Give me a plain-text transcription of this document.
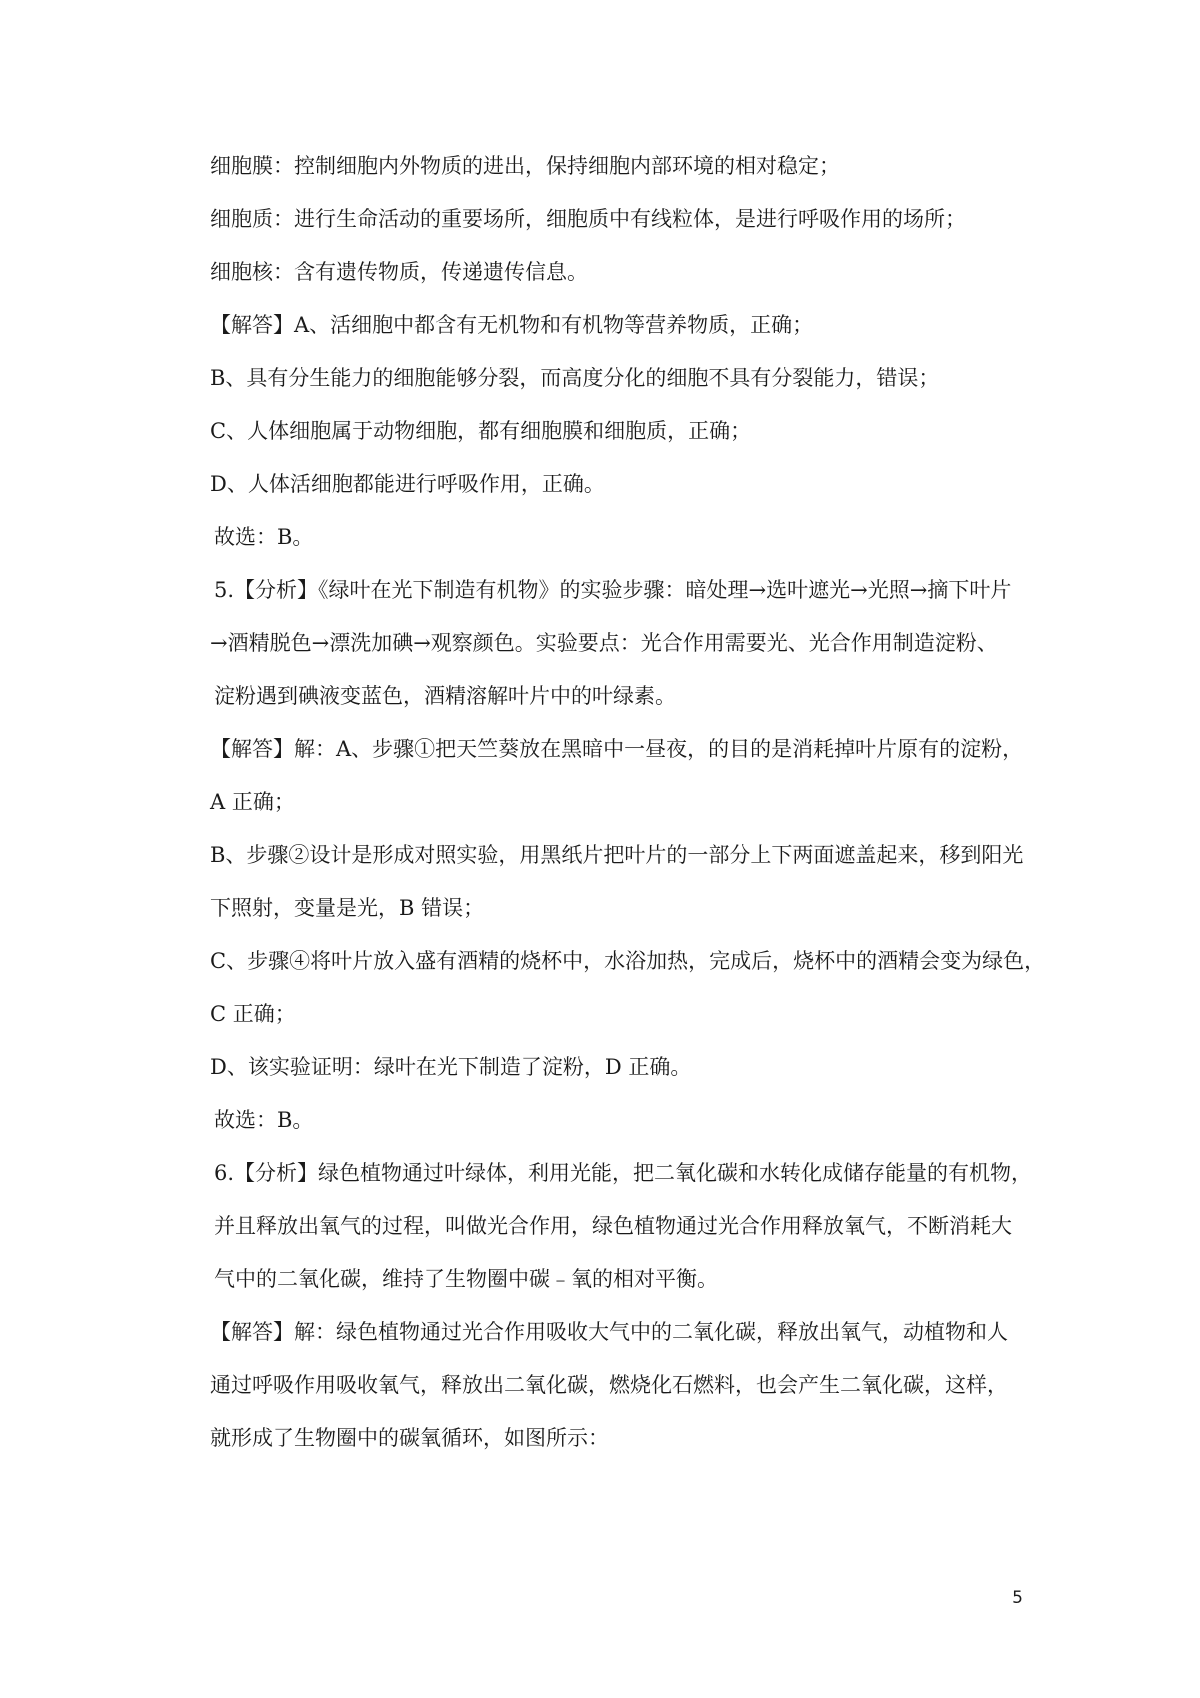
细胞膜：控制细胞内外物质的进出，保持细胞内部环境的相对稳定；

细胞质：进行生命活动的重要场所，细胞质中有线粒体，是进行呼吸作用的场所；

细胞核：含有遗传物质，传递遗传信息。

【解答】A、活细胞中都含有无机物和有机物等营养物质，正确；

B、具有分生能力的细胞能够分裂，而高度分化的细胞不具有分裂能力，错误；

C、人体细胞属于动物细胞，都有细胞膜和细胞质，正确；

D、人体活细胞都能进行呼吸作用，正确。

故选：B。

5.【分析】《绿叶在光下制造有机物》的实验步骤：暗处理→选叶遮光→光照→摘下叶片

→酒精脱色→漂洗加碘→观察颜色。实验要点：光合作用需要光、光合作用制造淀粉、

淀粉遇到碘液变蓝色，酒精溶解叶片中的叶绿素。

【解答】解：A、步骤①把天竺葵放在黑暗中一昼夜，的目的是消耗掉叶片原有的淀粉，

A 正确；

B、步骤②设计是形成对照实验，用黑纸片把叶片的一部分上下两面遮盖起来，移到阳光

下照射，变量是光，B 错误；

C、步骤④将叶片放入盛有酒精的烧杯中，水浴加热，完成后，烧杯中的酒精会变为绿色，

C 正确；

D、该实验证明：绿叶在光下制造了淀粉，D 正确。

故选：B。

6.【分析】绿色植物通过叶绿体，利用光能，把二氧化碳和水转化成储存能量的有机物，

并且释放出氧气的过程，叫做光合作用，绿色植物通过光合作用释放氧气，不断消耗大

气中的二氧化碳，维持了生物圈中碳﹣氧的相对平衡。

【解答】解：绿色植物通过光合作用吸收大气中的二氧化碳，释放出氧气，动植物和人

通过呼吸作用吸收氧气，释放出二氧化碳，燃烧化石燃料，也会产生二氧化碳，这样，

就形成了生物圈中的碳氧循环，如图所示：

5
